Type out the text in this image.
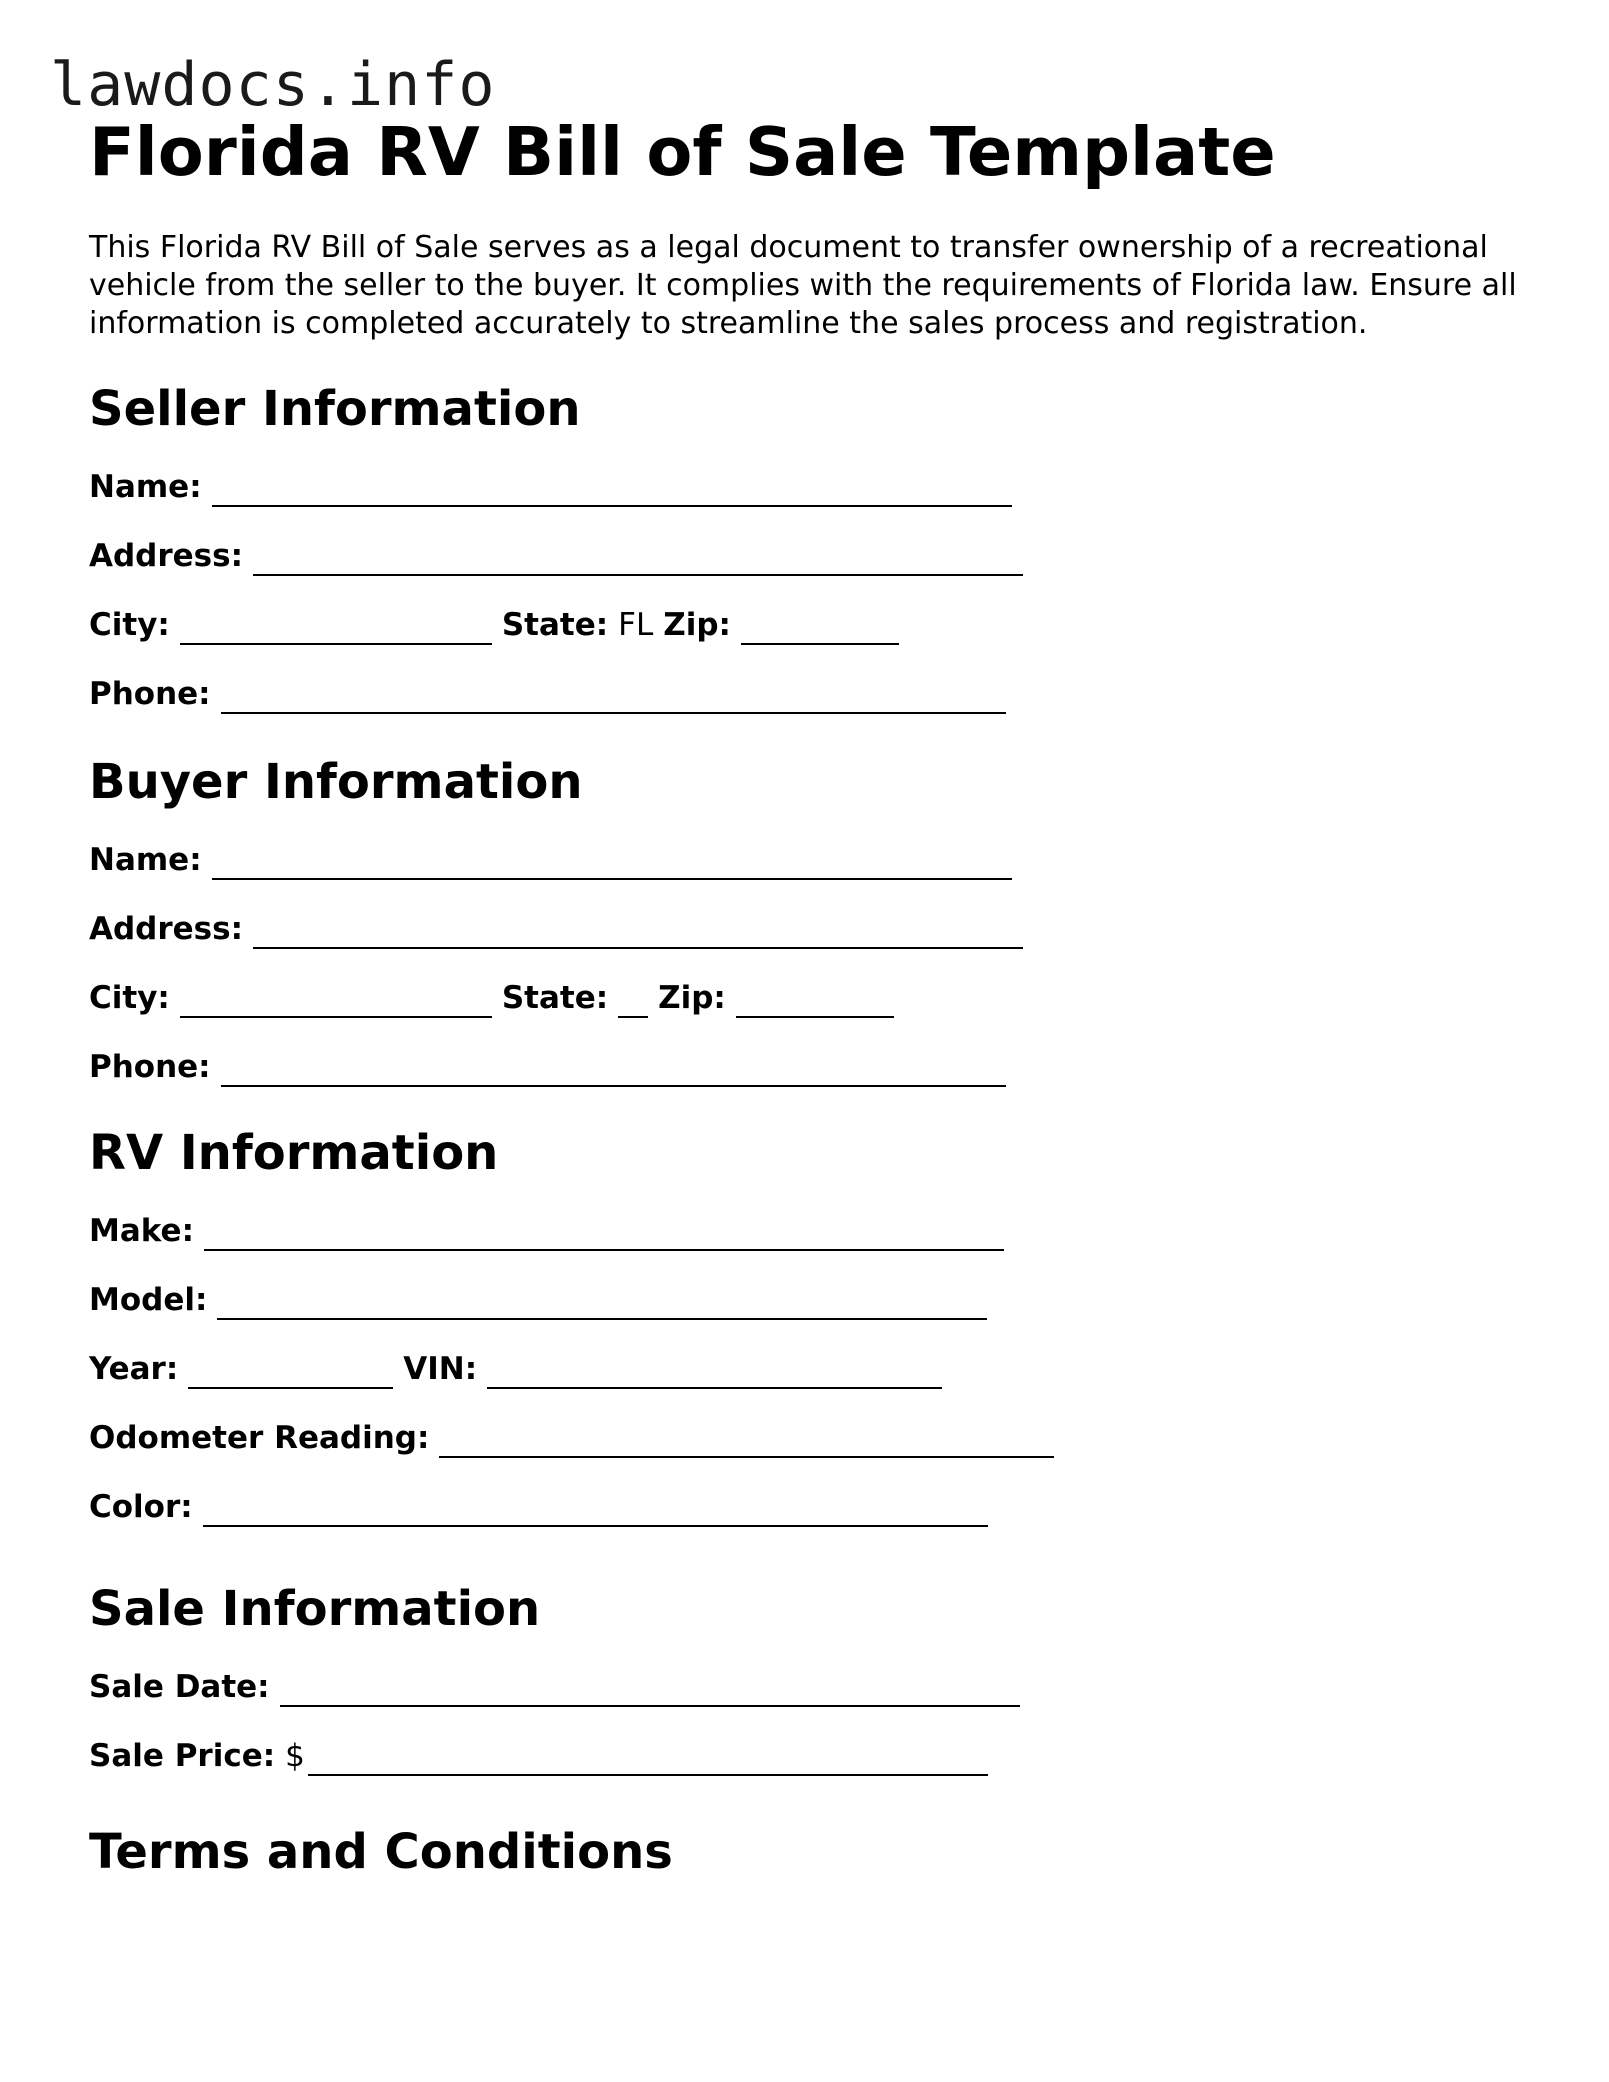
lawdocs.info
Florida RV Bill of Sale Template

This Florida RV Bill of Sale serves as a legal document to transfer ownership of a recreational vehicle from the seller to the buyer. It complies with the requirements of Florida law. Ensure all information is completed accurately to streamline the sales process and registration.

Seller Information
Name:
Address:
City:	State: FL Zip:
Phone:
Buyer Information
Name:
Address:
City:	State: Zip:
Phone:
RV Information
Make:
Model:
Year:	VIN:
Odometer Reading:
Color:
Sale Information
Sale Date:
Sale Price: $
Terms and Conditions
